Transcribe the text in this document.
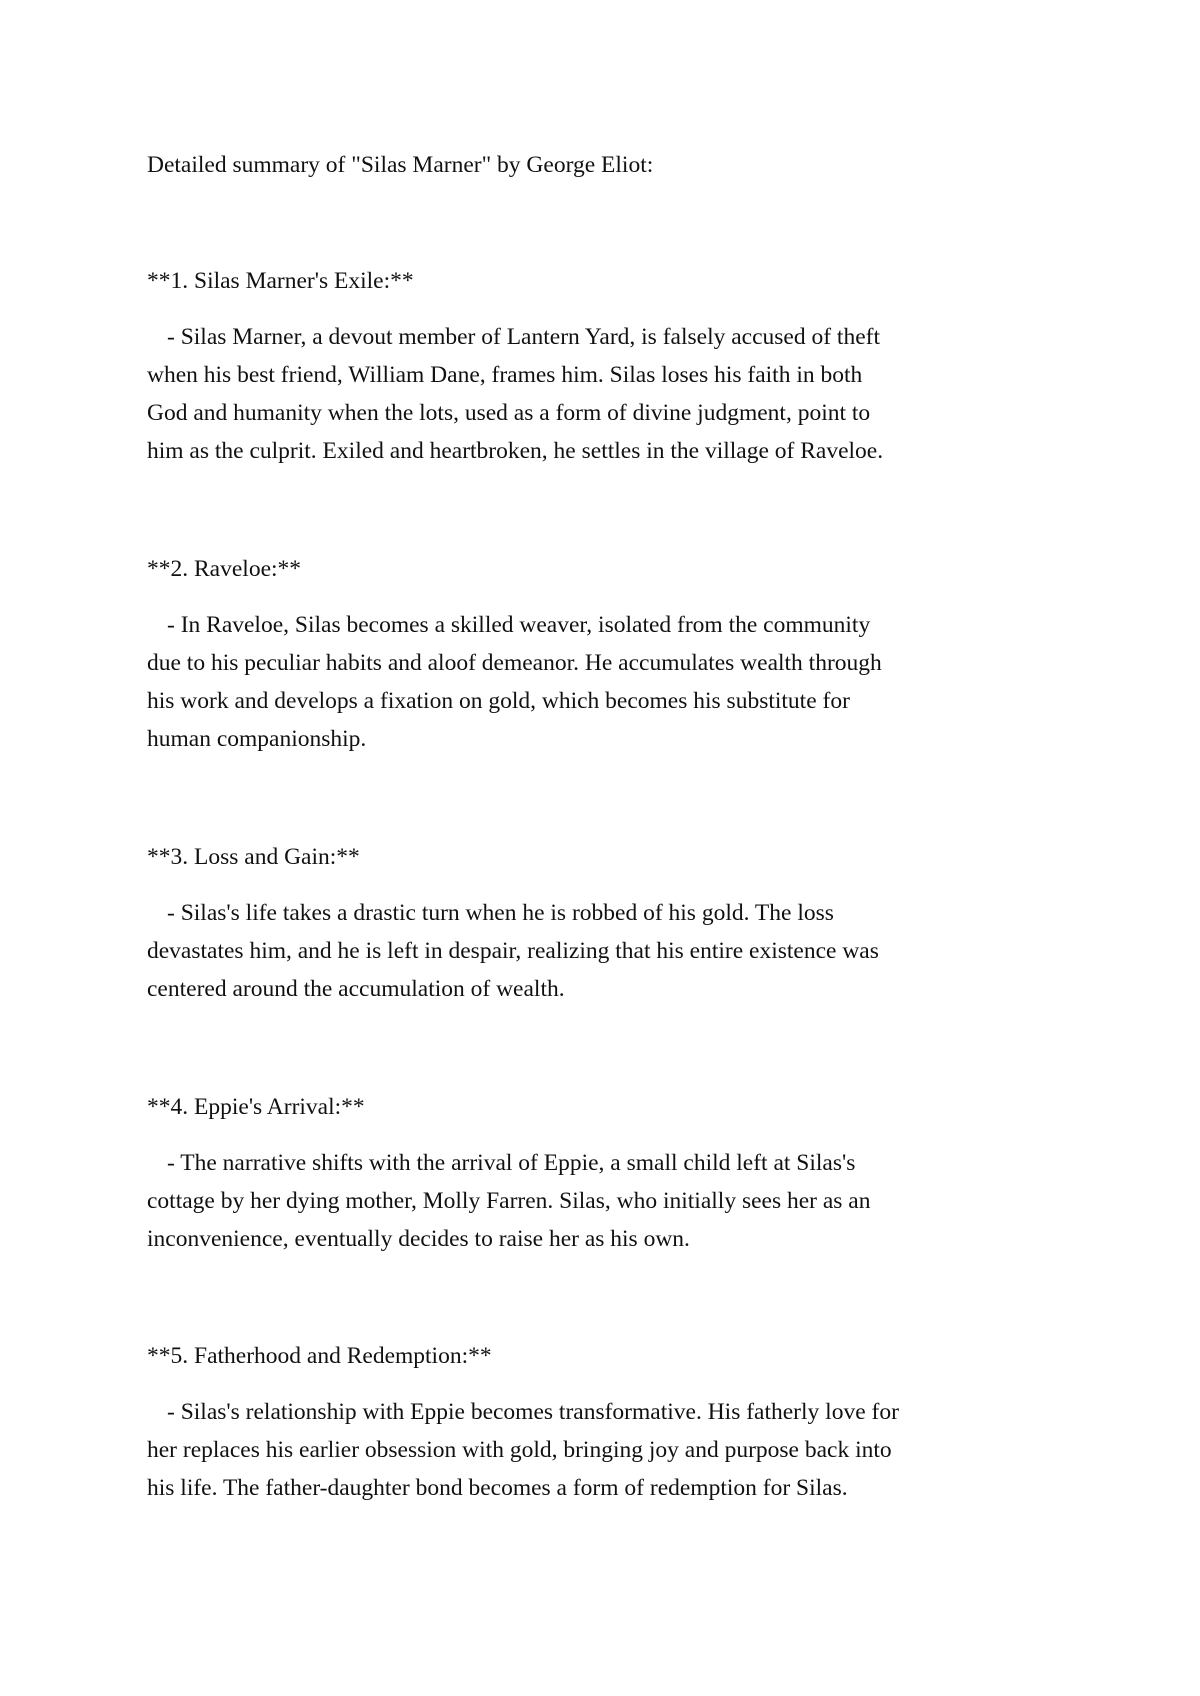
Detailed summary of "Silas Marner" by George Eliot:
**1. Silas Marner's Exile:**
- Silas Marner, a devout member of Lantern Yard, is falsely accused of theft
when his best friend, William Dane, frames him. Silas loses his faith in both
God and humanity when the lots, used as a form of divine judgment, point to
him as the culprit. Exiled and heartbroken, he settles in the village of Raveloe.
**2. Raveloe:**
- In Raveloe, Silas becomes a skilled weaver, isolated from the community
due to his peculiar habits and aloof demeanor. He accumulates wealth through
his work and develops a fixation on gold, which becomes his substitute for
human companionship.
**3. Loss and Gain:**
- Silas's life takes a drastic turn when he is robbed of his gold. The loss
devastates him, and he is left in despair, realizing that his entire existence was
centered around the accumulation of wealth.
**4. Eppie's Arrival:**
- The narrative shifts with the arrival of Eppie, a small child left at Silas's
cottage by her dying mother, Molly Farren. Silas, who initially sees her as an
inconvenience, eventually decides to raise her as his own.
**5. Fatherhood and Redemption:**
- Silas's relationship with Eppie becomes transformative. His fatherly love for
her replaces his earlier obsession with gold, bringing joy and purpose back into
his life. The father-daughter bond becomes a form of redemption for Silas.
